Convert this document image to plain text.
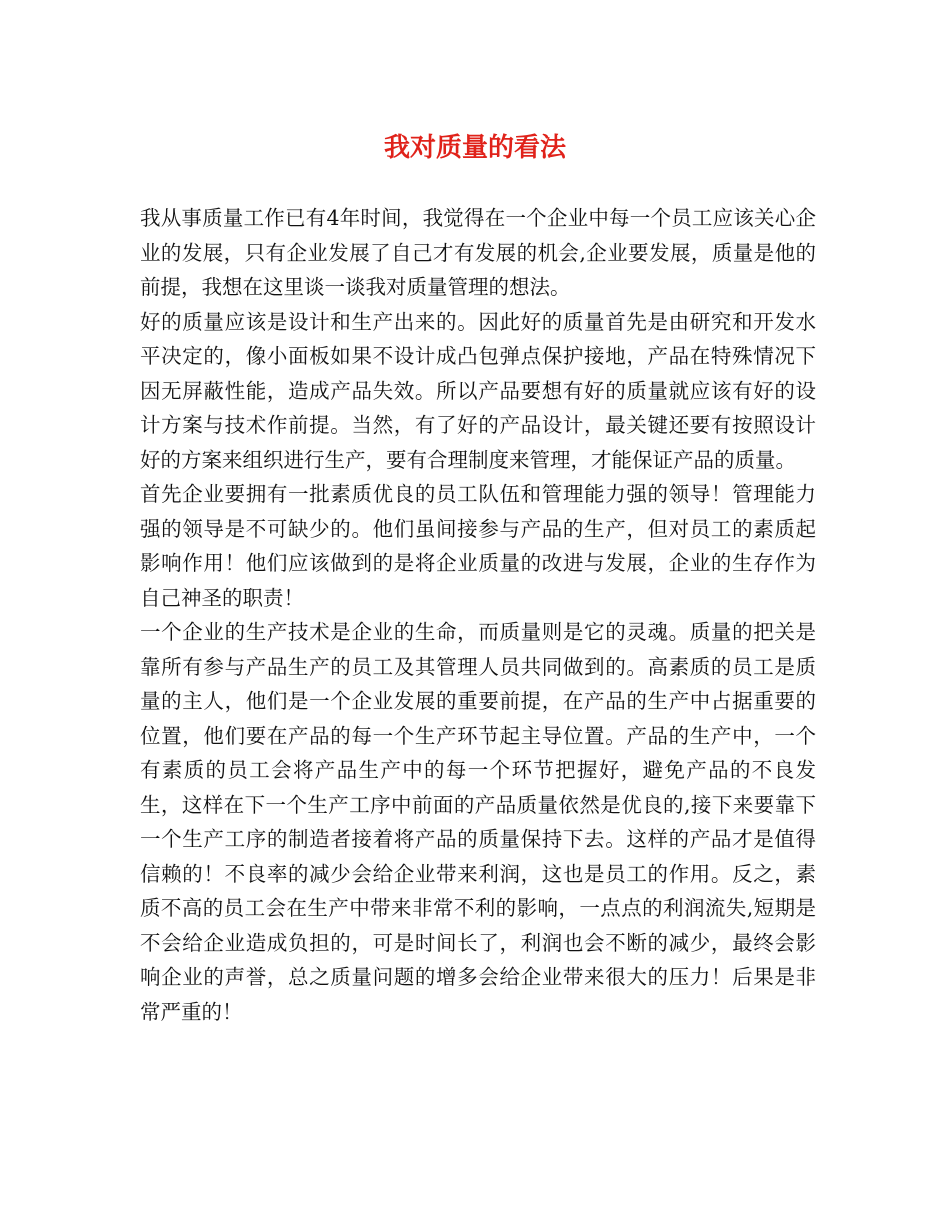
我对质量的看法

我从事质量工作已有4年时间，我觉得在一个企业中每一个员工应该关心企业的发展，只有企业发展了自己才有发展的机会,企业要发展，质量是他的前提，我想在这里谈一谈我对质量管理的想法。

好的质量应该是设计和生产出来的。因此好的质量首先是由研究和开发水平决定的，像小面板如果不设计成凸包弹点保护接地，产品在特殊情况下因无屏蔽性能，造成产品失效。所以产品要想有好的质量就应该有好的设计方案与技术作前提。当然，有了好的产品设计，最关键还要有按照设计好的方案来组织进行生产，要有合理制度来管理，才能保证产品的质量。

首先企业要拥有一批素质优良的员工队伍和管理能力强的领导！管理能力强的领导是不可缺少的。他们虽间接参与产品的生产，但对员工的素质起影响作用！他们应该做到的是将企业质量的改进与发展，企业的生存作为自己神圣的职责！

一个企业的生产技术是企业的生命，而质量则是它的灵魂。质量的把关是靠所有参与产品生产的员工及其管理人员共同做到的。高素质的员工是质量的主人，他们是一个企业发展的重要前提，在产品的生产中占据重要的位置，他们要在产品的每一个生产环节起主导位置。产品的生产中，一个有素质的员工会将产品生产中的每一个环节把握好，避免产品的不良发生，这样在下一个生产工序中前面的产品质量依然是优良的,接下来要靠下一个生产工序的制造者接着将产品的质量保持下去。这样的产品才是值得信赖的！不良率的减少会给企业带来利润，这也是员工的作用。反之，素质不高的员工会在生产中带来非常不利的影响，一点点的利润流失,短期是不会给企业造成负担的，可是时间长了，利润也会不断的减少，最终会影响企业的声誉，总之质量问题的增多会给企业带来很大的压力！后果是非常严重的！
